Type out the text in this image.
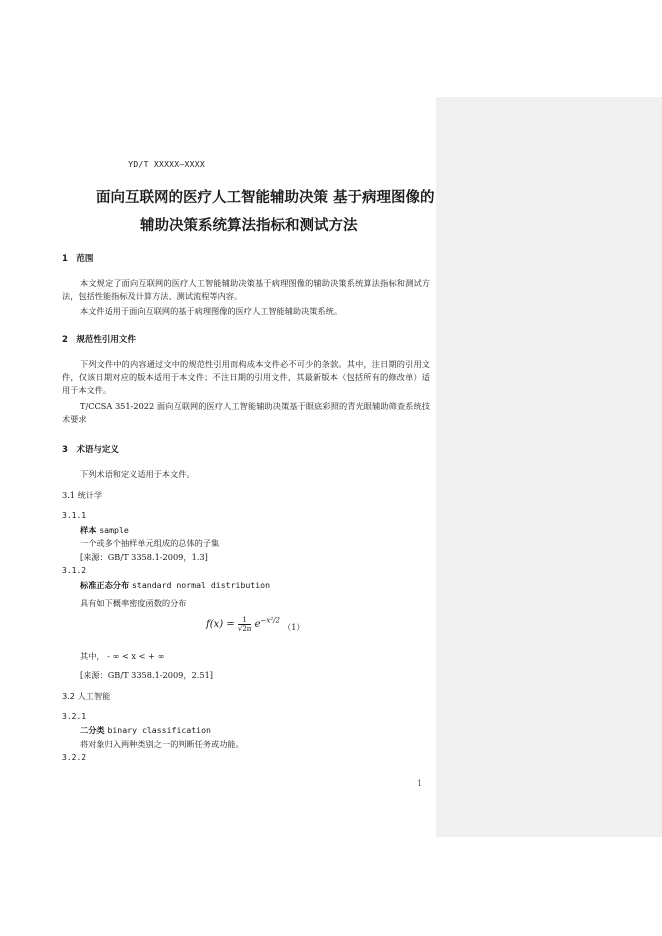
YD/T XXXXX—XXXX
面向互联网的医疗人工智能辅助决策 基于病理图像的
辅助决策系统算法指标和测试方法
1　范围
本文规定了面向互联网的医疗人工智能辅助决策基于病理图像的辅助决策系统算法指标和测试方法，包括性能指标及计算方法、测试流程等内容。
本文件适用于面向互联网的基于病理图像的医疗人工智能辅助决策系统。
2　规范性引用文件
下列文件中的内容通过文中的规范性引用而构成本文件必不可少的条款。其中，注日期的引用文件，仅该日期对应的版本适用于本文件；不注日期的引用文件，其最新版本（包括所有的修改单）适用于本文件。
T/CCSA 351-2022 面向互联网的医疗人工智能辅助决策基于眼底彩照的青光眼辅助筛查系统技术要求
3　术语与定义
下列术语和定义适用于本文件。
3.1 统计学
3.1.1
样本 sample
一个或多个抽样单元组成的总体的子集
[来源：GB/T 3358.1-2009，1.3]
3.1.2
标准正态分布 standard normal distribution
具有如下概率密度函数的分布
$f(x) = \frac{1}{√2\pi} e^{-x^2/2}$
（1）
其中， - ∞ < x < + ∞
[来源：GB/T 3358.1-2009，2.51]
3.2 人工智能
3.2.1
二分类 binary classification
将对象归入两种类别之一的判断任务或功能。
3.2.2
1
